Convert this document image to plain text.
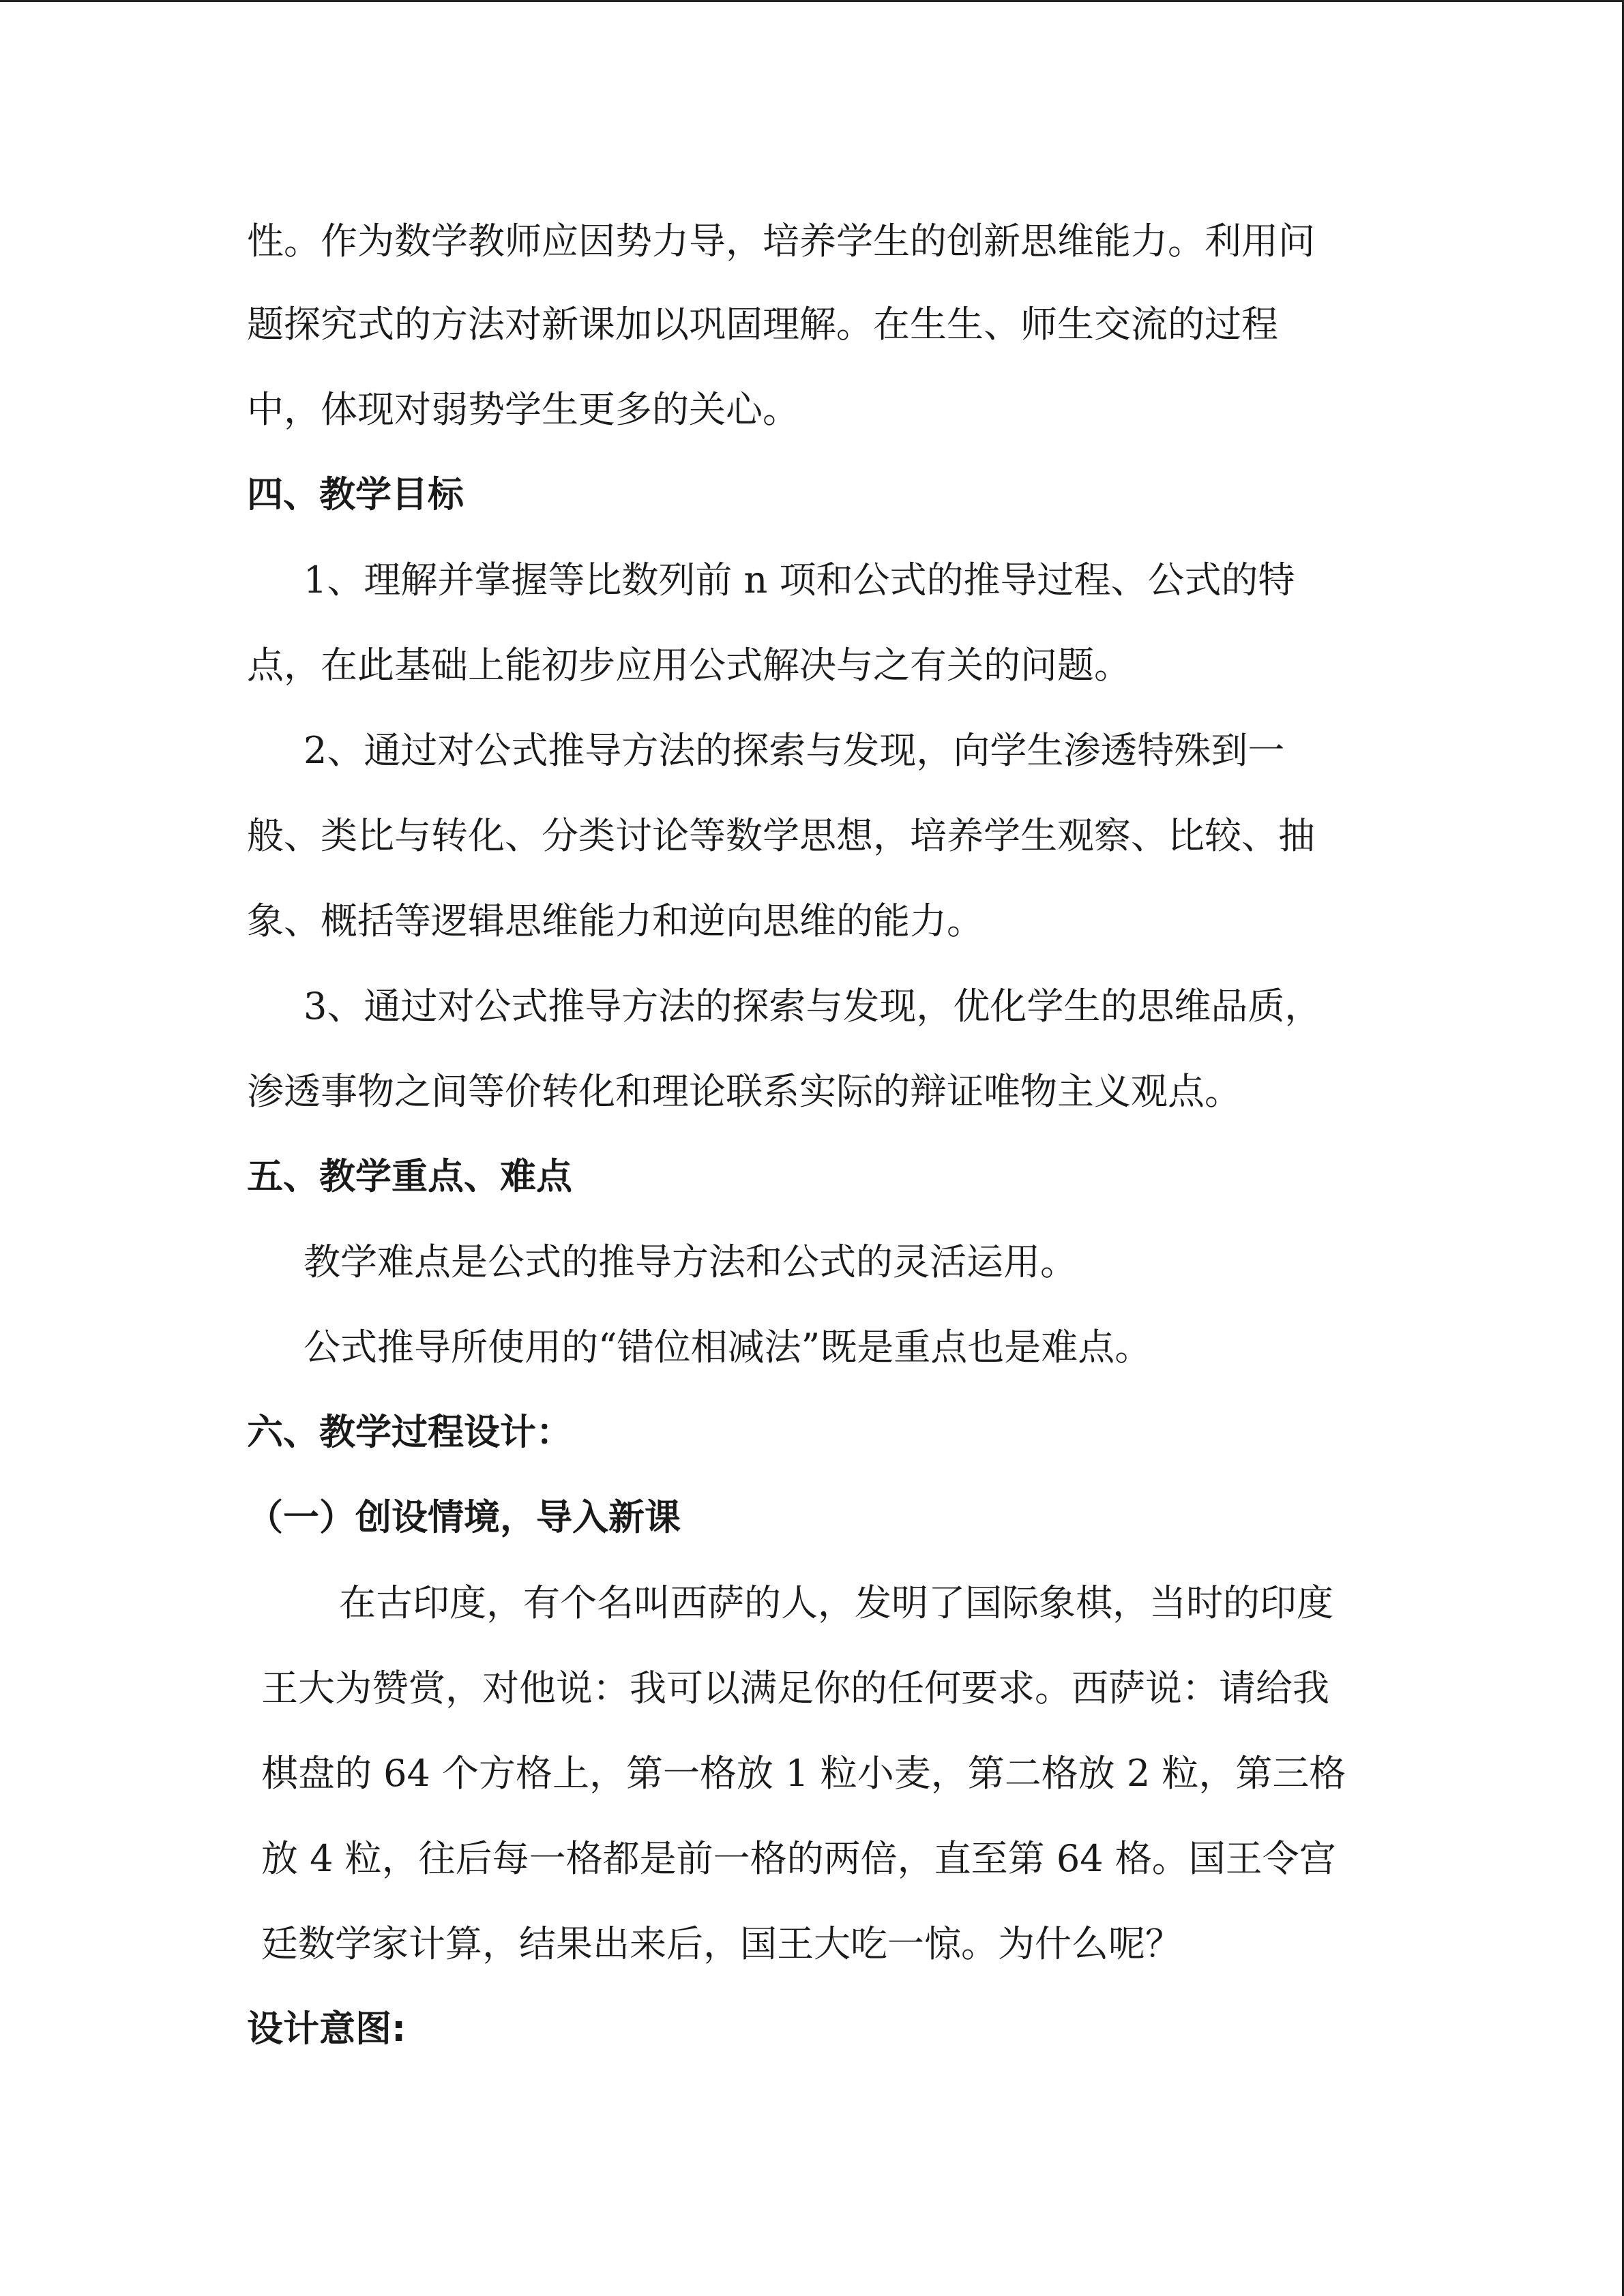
性。作为数学教师应因势力导，培养学生的创新思维能力。利用问
题探究式的方法对新课加以巩固理解。在生生、师生交流的过程
中，体现对弱势学生更多的关心。
四、教学目标
1、理解并掌握等比数列前 n 项和公式的推导过程、公式的特
点，在此基础上能初步应用公式解决与之有关的问题。
2、通过对公式推导方法的探索与发现，向学生渗透特殊到一
般、类比与转化、分类讨论等数学思想，培养学生观察、比较、抽
象、概括等逻辑思维能力和逆向思维的能力。
3、通过对公式推导方法的探索与发现，优化学生的思维品质，
渗透事物之间等价转化和理论联系实际的辩证唯物主义观点。
五、教学重点、难点
教学难点是公式的推导方法和公式的灵活运用。
公式推导所使用的“错位相减法”既是重点也是难点。
六、教学过程设计：
（一）创设情境，导入新课
在古印度，有个名叫西萨的人，发明了国际象棋，当时的印度
王大为赞赏，对他说：我可以满足你的任何要求。西萨说：请给我
棋盘的 64 个方格上，第一格放 1 粒小麦，第二格放 2 粒，第三格
放 4 粒，往后每一格都是前一格的两倍，直至第 64 格。国王令宫
廷数学家计算，结果出来后，国王大吃一惊。为什么呢？
设计意图:
